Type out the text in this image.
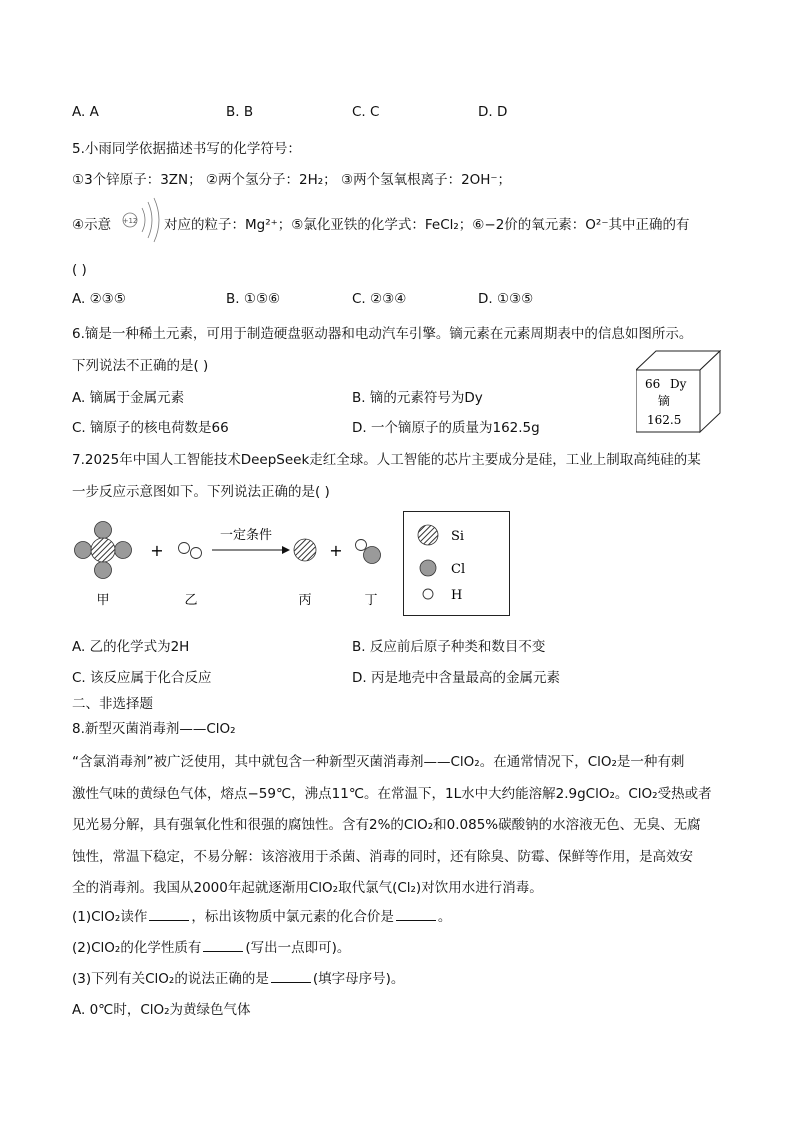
A. A	B. B	C. C	D. D
5.小雨同学依据描述书写的化学符号：
①3个锌原子：3ZN； ②两个氢分子：2H₂； ③两个氢氧根离子：2OH⁻；
④示意 +12 对应的粒子：Mg²⁺；⑤氯化亚铁的化学式：FeCl₂；⑥−2价的氧元素：O²⁻其中正确的有
( )
A. ②③⑤	B. ①⑤⑥	C. ②③④	D. ①③⑤
6.镝是一种稀土元素，可用于制造硬盘驱动器和电动汽车引擎。镝元素在元素周期表中的信息如图所示。
下列说法不正确的是( )
A. 镝属于金属元素	B. 镝的元素符号为Dy
C. 镝原子的核电荷数是66	D. 一个镝原子的质量为162.5g
66 Dy
镝
162.5
7.2025年中国人工智能技术DeepSeek走红全球。人工智能的芯片主要成分是硅，工业上制取高纯硅的某
一步反应示意图如下。下列说法正确的是( )
+
一定条件
+
甲	乙	丙	丁
Si
Cl
H
A. 乙的化学式为2H	B. 反应前后原子种类和数目不变
C. 该反应属于化合反应	D. 丙是地壳中含量最高的金属元素
二、非选择题
8.新型灭菌消毒剂——ClO₂
“含氯消毒剂”被广泛使用，其中就包含一种新型灭菌消毒剂——ClO₂。在通常情况下，ClO₂是一种有刺
激性气味的黄绿色气体，熔点−59℃，沸点11℃。在常温下，1L水中大约能溶解2.9gClO₂。ClO₂受热或者
见光易分解，具有强氧化性和很强的腐蚀性。含有2%的ClO₂和0.085%碳酸钠的水溶液无色、无臭、无腐
蚀性，常温下稳定，不易分解：该溶液用于杀菌、消毒的同时，还有除臭、防霉、保鲜等作用，是高效安
全的消毒剂。我国从2000年起就逐渐用ClO₂取代氯气(Cl₂)对饮用水进行消毒。
(1)ClO₂读作	，标出该物质中氯元素的化合价是	。
(2)ClO₂的化学性质有	(写出一点即可)。
(3)下列有关ClO₂的说法正确的是	(填字母序号)。
A. 0℃时，ClO₂为黄绿色气体
